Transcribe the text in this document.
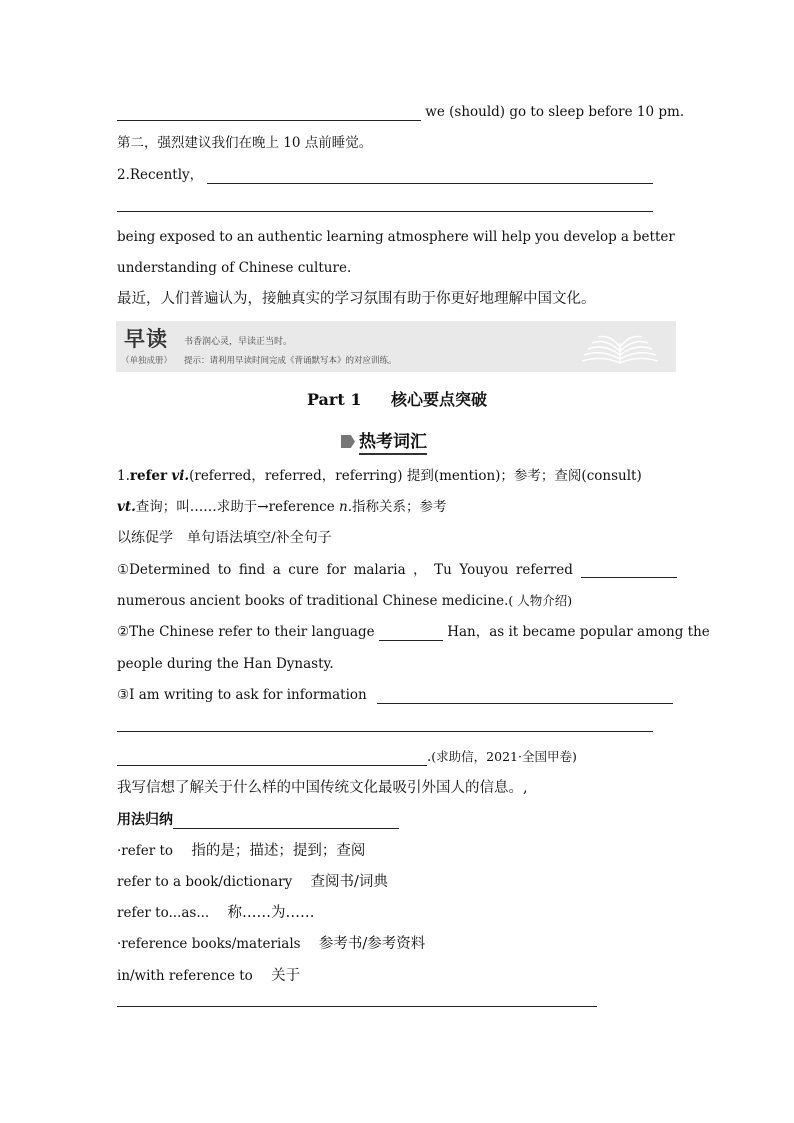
we (should) go to sleep before 10 pm.
第二，强烈建议我们在晚上 10 点前睡觉。
2.Recently，
being exposed to an authentic learning atmosphere will help you develop a better
understanding of Chinese culture.
最近，人们普遍认为，接触真实的学习氛围有助于你更好地理解中国文化。
早读 书香润心灵，早读正当时。
（单独成册） 提示：请利用早读时间完成《背诵默写本》的对应训练。
Part 1 核心要点突破
热考词汇
1.refer vi.(referred，referred，referring) 提到(mention)；参考；查阅(consult)
vt.查询；叫……求助于→reference n.指称关系；参考
以练促学　单句语法填空/补全句子
①Determined to find a cure for malaria ， Tu Youyou referred
numerous ancient books of traditional Chinese medicine.( 人物介绍)
②The Chinese refer to their language	Han，as it became popular among the
people during the Han Dynasty.
③I am writing to ask for information
.(求助信，2021·全国甲卷)
我写信想了解关于什么样的中国传统文化最吸引外国人的信息。,
用法归纳
·refer to 指的是；描述；提到；查阅
refer to a book/dictionary 查阅书/词典
refer to...as... 称……为……
·reference books/materials 参考书/参考资料
in/with reference to 关于
